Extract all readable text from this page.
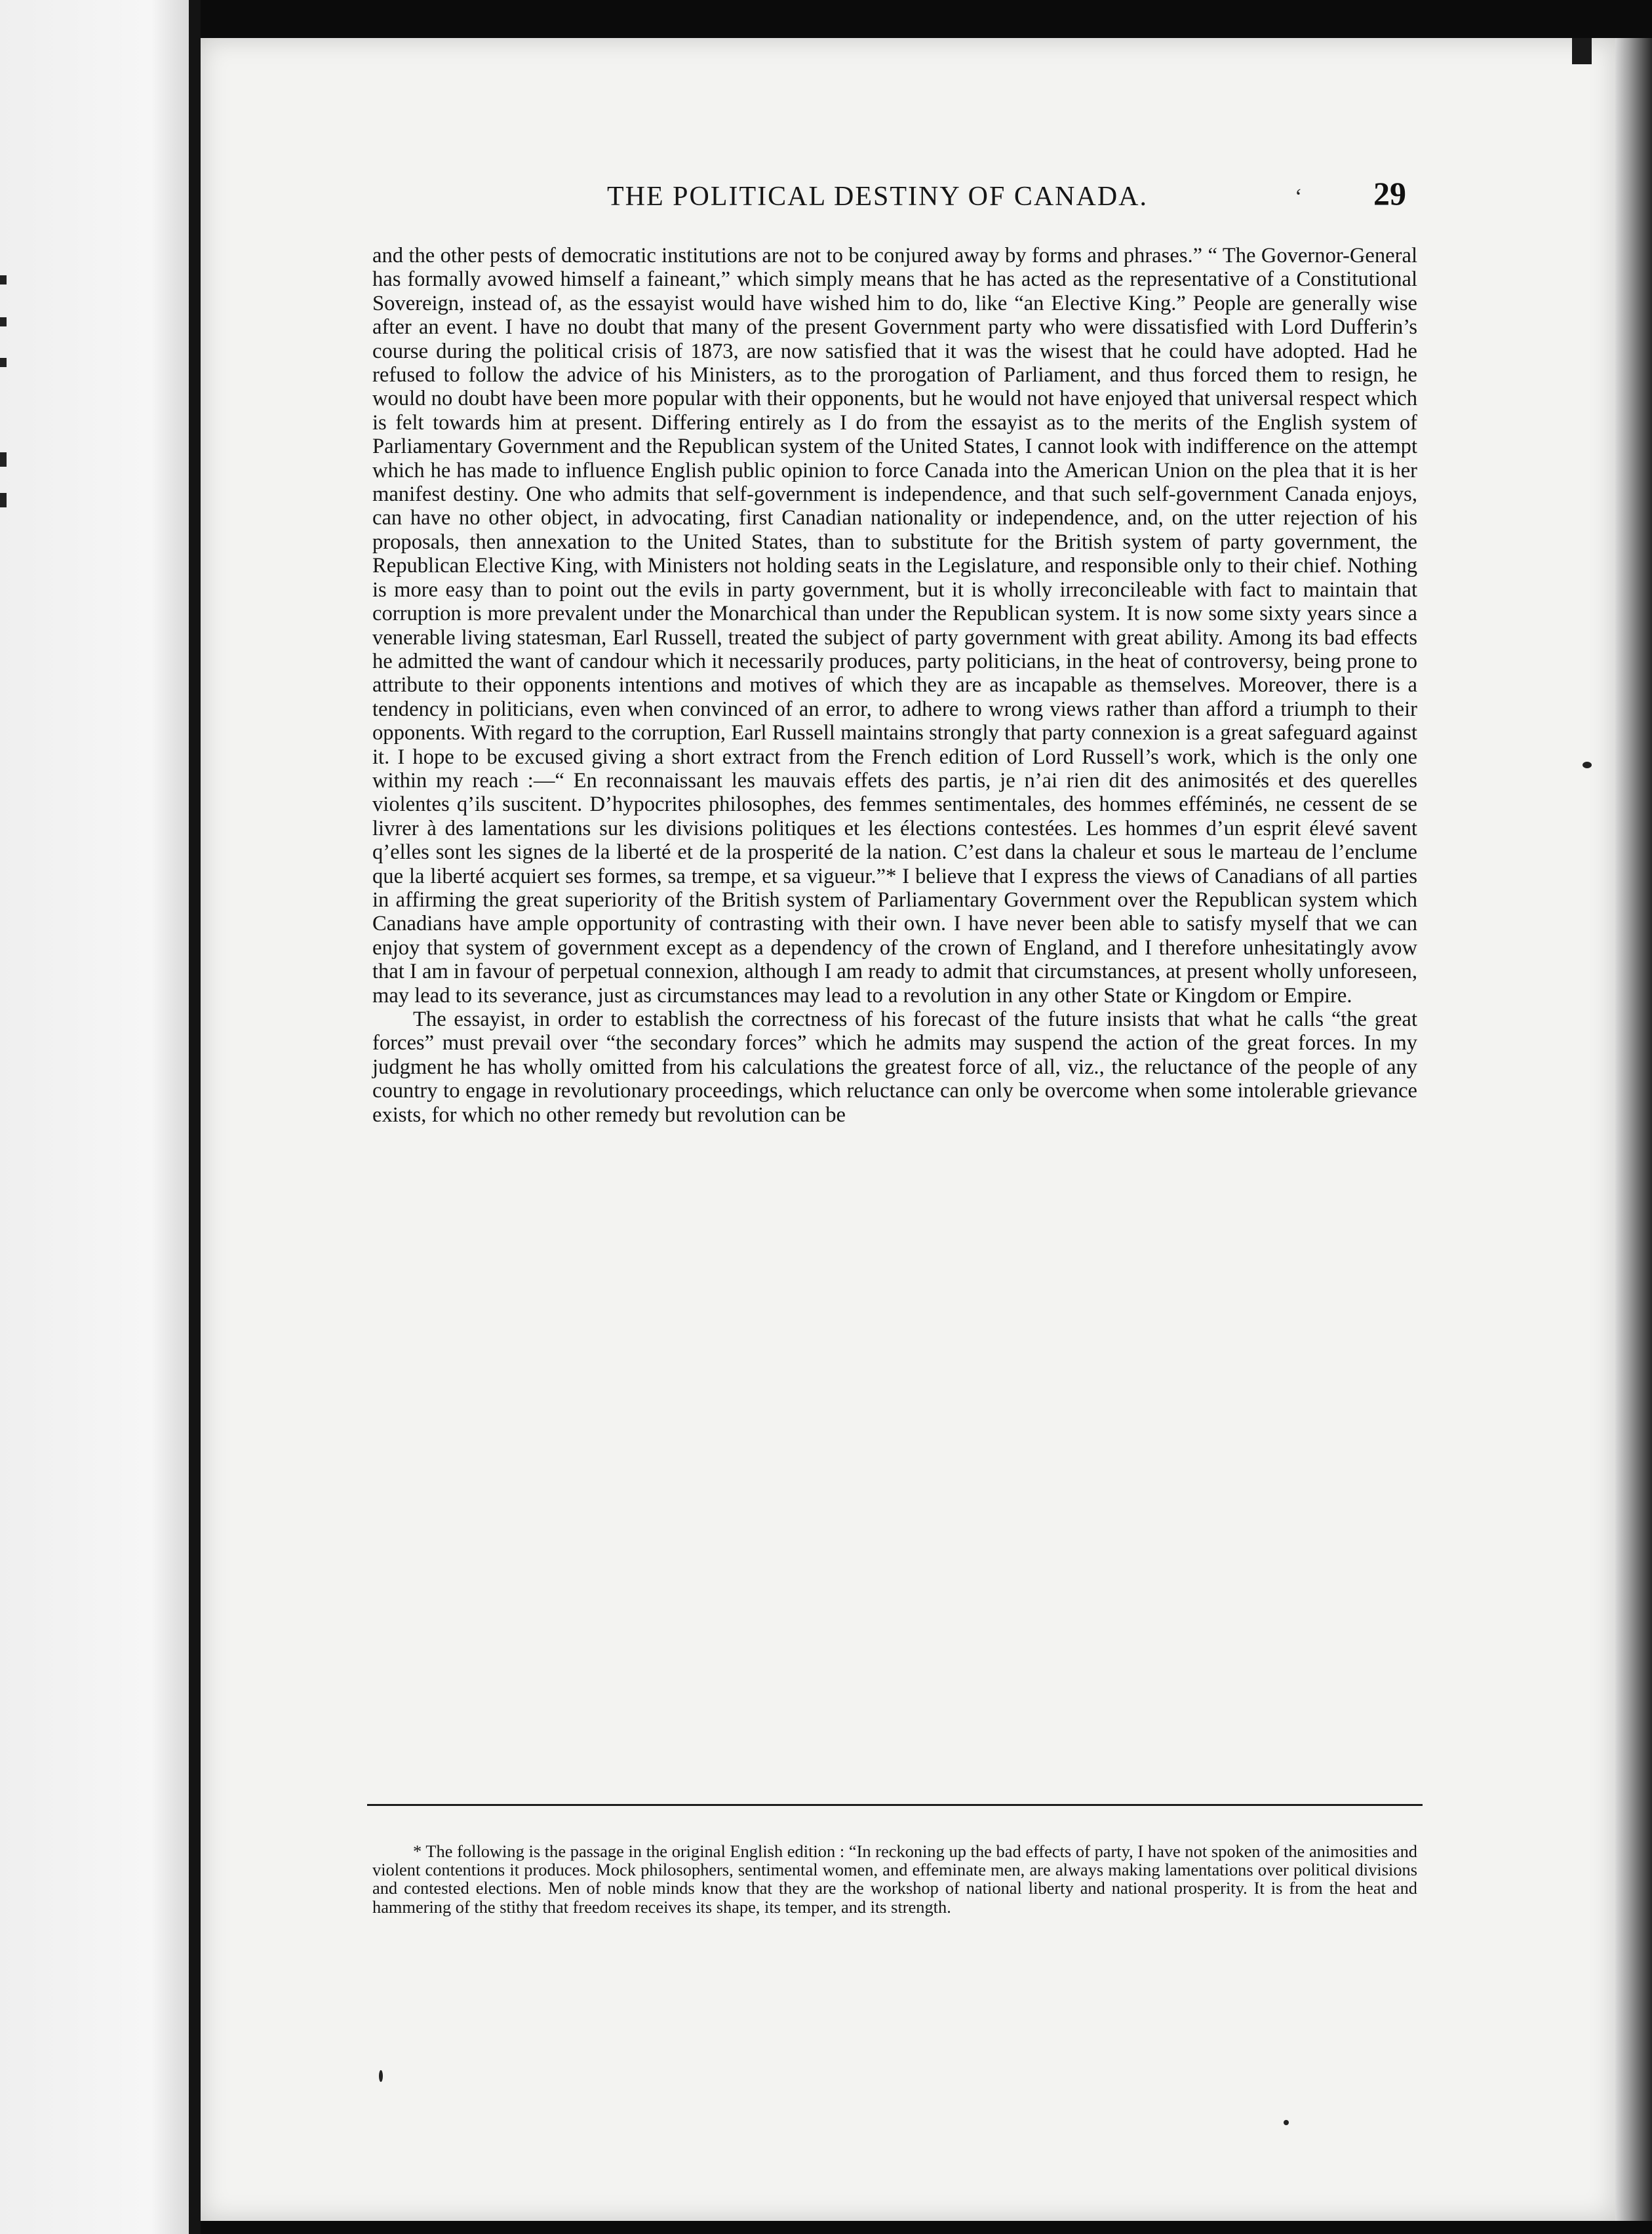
THE POLITICAL DESTINY OF CANADA.	‘ 29

and the other pests of democratic institutions are not to be conjured away by forms and phrases.” “ The Governor-General has formally avowed himself a faineant,” which simply means that he has acted as the representative of a Constitutional Sovereign, instead of, as the essayist would have wished him to do, like “an Elective King.” People are generally wise after an event. I have no doubt that many of the present Government party who were dissatisfied with Lord Dufferin’s course during the political crisis of 1873, are now satisfied that it was the wisest that he could have adopted. Had he refused to follow the advice of his Ministers, as to the prorogation of Parliament, and thus forced them to resign, he would no doubt have been more popular with their opponents, but he would not have enjoyed that universal respect which is felt towards him at present. Differing entirely as I do from the essayist as to the merits of the English system of Parliamentary Government and the Republican system of the United States, I cannot look with indifference on the attempt which he has made to influence English public opinion to force Canada into the American Union on the plea that it is her manifest destiny. One who admits that self-government is independence, and that such self-government Canada enjoys, can have no other object, in advocating, first Canadian nationality or independence, and, on the utter rejection of his proposals, then annexation to the United States, than to substitute for the British system of party government, the Republican Elective King, with Ministers not holding seats in the Legislature, and responsible only to their chief. Nothing is more easy than to point out the evils in party government, but it is wholly irreconcileable with fact to maintain that corruption is more prevalent under the Monarchical than under the Republican system. It is now some sixty years since a venerable living statesman, Earl Russell, treated the subject of party government with great ability. Among its bad effects he admitted the want of candour which it necessarily produces, party politicians, in the heat of controversy, being prone to attribute to their opponents intentions and motives of which they are as incapable as themselves. Moreover, there is a tendency in politicians, even when convinced of an error, to adhere to wrong views rather than afford a triumph to their opponents. With regard to the corruption, Earl Russell maintains strongly that party connexion is a great safeguard against it. I hope to be excused giving a short extract from the French edition of Lord Russell’s work, which is the only one within my reach :—“ En reconnaissant les mauvais effets des partis, je n’ai rien dit des animosités et des querelles violentes q’ils suscitent. D’hypocrites philosophes, des femmes sentimentales, des hommes efféminés, ne cessent de se livrer à des lamentations sur les divisions politiques et les élections contestées. Les hommes d’un esprit élevé savent q’elles sont les signes de la liberté et de la prosperité de la nation. C’est dans la chaleur et sous le marteau de l’enclume que la liberté acquiert ses formes, sa trempe, et sa vigueur.”* I believe that I express the views of Canadians of all parties in affirming the great superiority of the British system of Parliamentary Government over the Republican system which Canadians have ample opportunity of contrasting with their own. I have never been able to satisfy myself that we can enjoy that system of government except as a dependency of the crown of England, and I therefore unhesitatingly avow that I am in favour of perpetual connexion, although I am ready to admit that circumstances, at present wholly unforeseen, may lead to its severance, just as circumstances may lead to a revolution in any other State or Kingdom or Empire.

The essayist, in order to establish the correctness of his forecast of the future insists that what he calls “the great forces” must prevail over “the secondary forces” which he admits may suspend the action of the great forces. In my judgment he has wholly omitted from his calculations the greatest force of all, viz., the reluctance of the people of any country to engage in revolutionary proceedings, which reluctance can only be overcome when some intolerable grievance exists, for which no other remedy but revolution can be

* The following is the passage in the original English edition : “In reckoning up the bad effects of party, I have not spoken of the animosities and violent contentions it produces. Mock philosophers, sentimental women, and effeminate men, are always making lamentations over political divisions and contested elections. Men of noble minds know that they are the workshop of national liberty and national prosperity. It is from the heat and hammering of the stithy that freedom receives its shape, its temper, and its strength.
